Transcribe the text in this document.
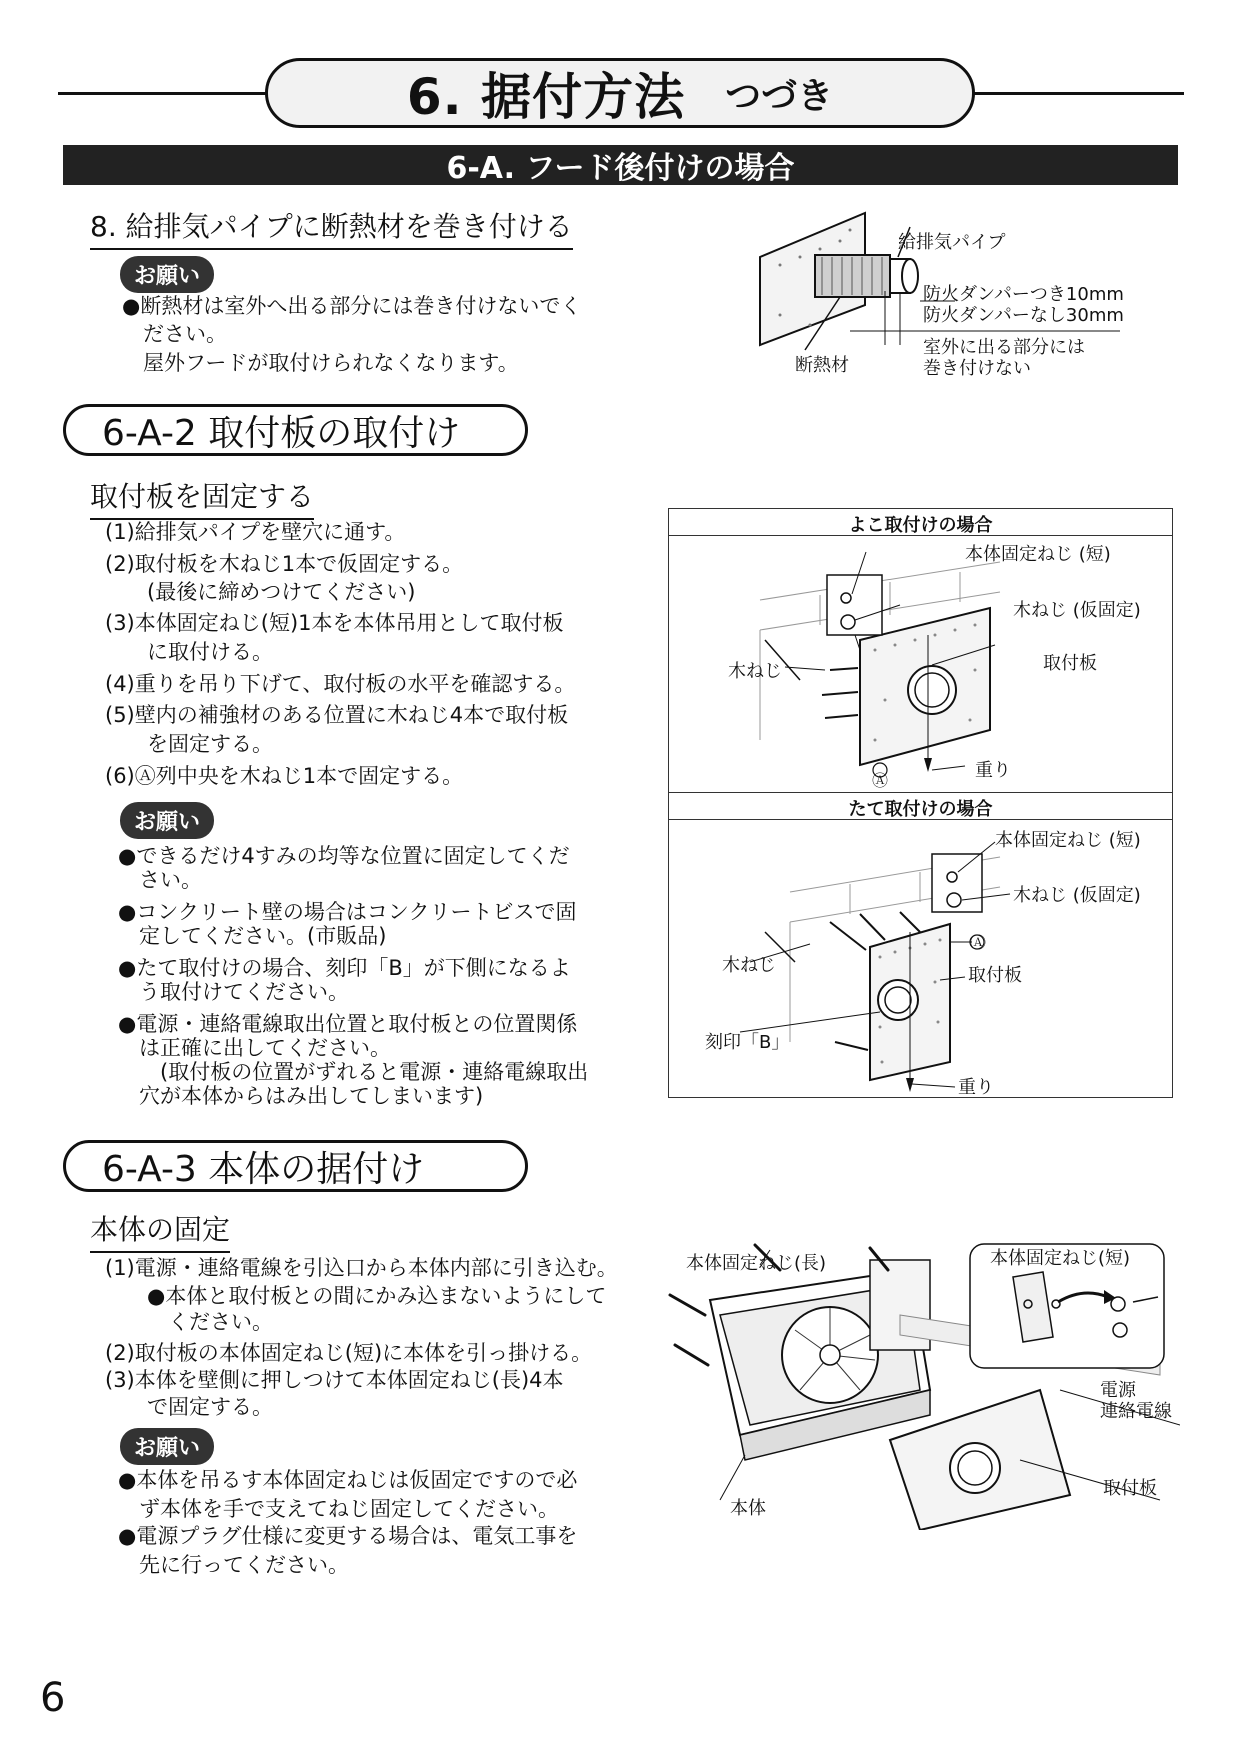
6. 据付方法 つづき
6-A. フード後付けの場合
8. 給排気パイプに断熱材を巻き付ける
お願い
●断熱材は室外へ出る部分には巻き付けないでく
ださい。
屋外フードが取付けられなくなります。
給排気パイプ
防火ダンパーつき10mm
防火ダンパーなし30mm
室外に出る部分には
巻き付けない
断熱材
6-A-2 取付板の取付け
取付板を固定する
(1)給排気パイプを壁穴に通す。
(2)取付板を木ねじ1本で仮固定する。
　　(最後に締めつけてください)
(3)本体固定ねじ(短)1本を本体吊用として取付板
　　に取付ける。
(4)重りを吊り下げて、取付板の水平を確認する。
(5)壁内の補強材のある位置に木ねじ4本で取付板
　　を固定する。
(6)Ⓐ列中央を木ねじ1本で固定する。
お願い
●できるだけ4すみの均等な位置に固定してくだ
　さい。
●コンクリート壁の場合はコンクリートビスで固
　定してください。(市販品)
●たて取付けの場合、刻印「B」が下側になるよ
　う取付けてください。
●電源・連絡電線取出位置と取付板との位置関係
　は正確に出してください。
　　(取付板の位置がずれると電源・連絡電線取出
　穴が本体からはみ出してしまいます)
よこ取付けの場合
たて取付けの場合
本体固定ねじ (短)
木ねじ (仮固定)
木ねじ	取付板
重り
Ⓐ
本体固定ねじ (短)
木ねじ (仮固定)
木ねじ	取付板
刻印「B」
重り
Ⓐ
6-A-3 本体の据付け
本体の固定
(1)電源・連絡電線を引込口から本体内部に引き込む。
　　●本体と取付板との間にかみ込まないようにして
　　　ください。
(2)取付板の本体固定ねじ(短)に本体を引っ掛ける。
(3)本体を壁側に押しつけて本体固定ねじ(長)4本
　　で固定する。
お願い
●本体を吊るす本体固定ねじは仮固定ですので必
　ず本体を手で支えてねじ固定してください。
●電源プラグ仕様に変更する場合は、電気工事を
　先に行ってください。
本体固定ねじ(短)
本体固定ねじ(長)
電源
連絡電線
取付板
本体
6
